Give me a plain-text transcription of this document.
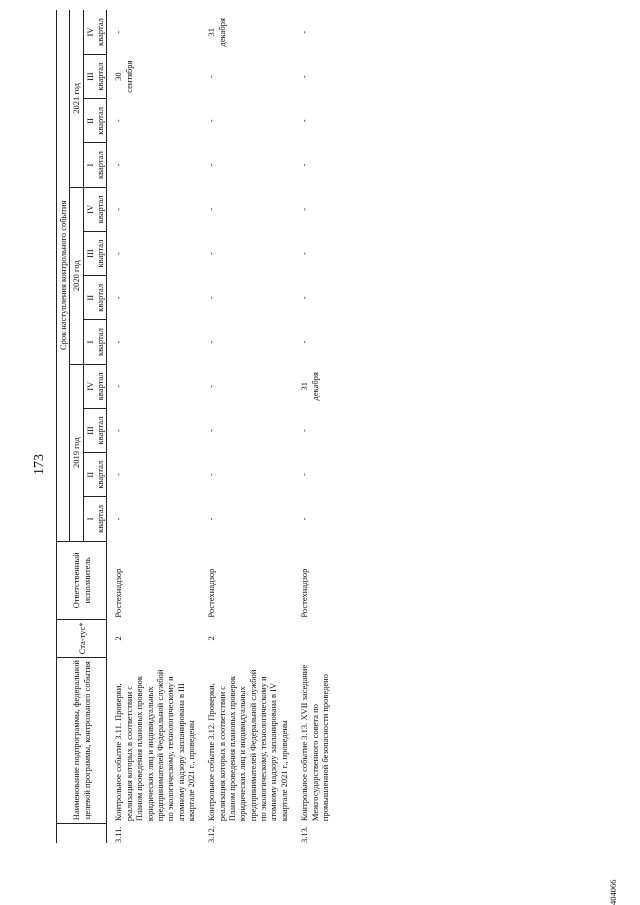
173
404066
	Наименование подпрограммы, федеральной целевой программы, контрольного события	Ста-тус*	Ответственный исполнитель	Срок наступления контрольного события											
				2019 год				2020 год				2021 год			

				I квартал	II квартал	III квартал	IV квартал	I квартал	II квартал	III квартал	IV квартал	I квартал	II квартал	III квартал	IV квартал

3.11.	Контрольное событие 3.11. Проверки, реализация которых в соответствии с Планом проведения плановых проверок юридических лиц и индивидуальных предпринимателей Федеральной службой по экологическому, технологическому и атомному надзору запланирована в III квартале 2021 г., проведены	2	Ростехнадзор	-	-	-	-	-	-	-	-	-	-	30
сентября	-
3.12.	Контрольное событие 3.12. Проверки, реализация которых в соответствии с Планом проведения плановых проверок юридических лиц и индивидуальных предпринимателей Федеральной службой по экологическому, технологическому и атомному надзору запланирована в IV квартале 2021 г., проведены	2	Ростехнадзор	-	-	-	-	-	-	-	-	-	-	-	31
декабря
3.13.	Контрольное событие 3.13. XVII заседание Межгосударственного совета по промышленной безопасности проведено		Ростехнадзор	-	-	-	31
декабря	-	-	-	-	-	-	-	-
